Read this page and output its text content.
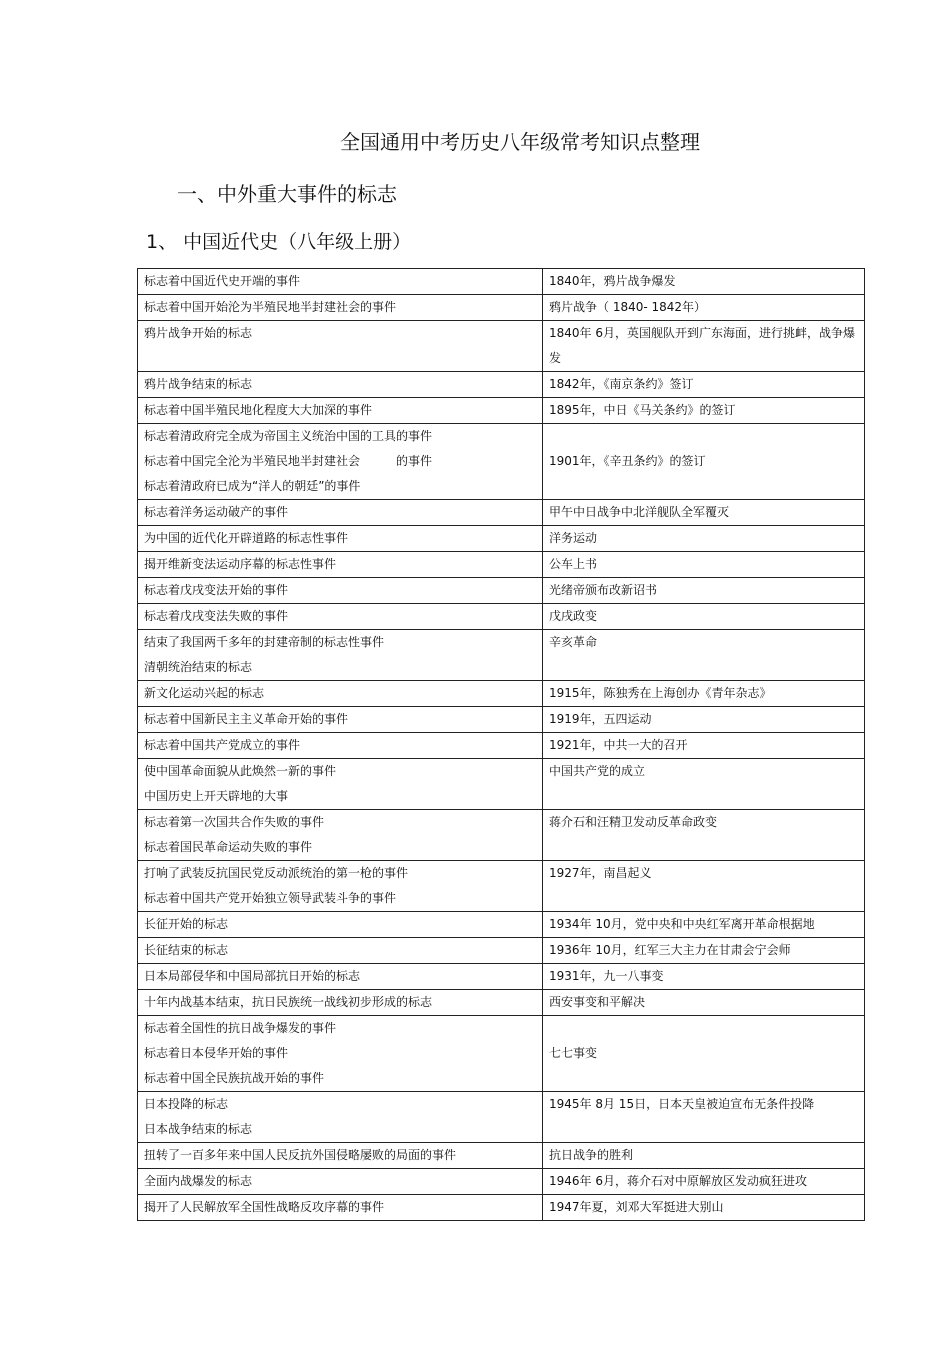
全国通用中考历史八年级常考知识点整理
一、中外重大事件的标志
1、 中国近代史（八年级上册）
标志着中国近代史开端的事件	1840年，鸦片战争爆发

标志着中国开始沦为半殖民地半封建社会的事件	鸦片战争（ 1840- 1842年）

鸦片战争开始的标志	1840年 6月，英国舰队开到广东海面，进行挑衅，战争爆发

鸦片战争结束的标志	1842年，《南京条约》签订

标志着中国半殖民地化程度大大加深的事件	1895年，中日《马关条约》的签订

标志着清政府完全成为帝国主义统治中国的工具的事件
标志着中国完全沦为半殖民地半封建社会　　　的事件
标志着清政府已成为“洋人的朝廷”的事件	1901年，《辛丑条约》的签订

标志着洋务运动破产的事件	甲午中日战争中北洋舰队全军覆灭

为中国的近代化开辟道路的标志性事件	洋务运动

揭开维新变法运动序幕的标志性事件	公车上书

标志着戊戌变法开始的事件	光绪帝颁布改新诏书

标志着戊戌变法失败的事件	戊戌政变

结束了我国两千多年的封建帝制的标志性事件
清朝统治结束的标志	辛亥革命

新文化运动兴起的标志	1915年，陈独秀在上海创办《青年杂志》

标志着中国新民主主义革命开始的事件	1919年，五四运动

标志着中国共产党成立的事件	1921年，中共一大的召开

使中国革命面貌从此焕然一新的事件
中国历史上开天辟地的大事	中国共产党的成立

标志着第一次国共合作失败的事件
标志着国民革命运动失败的事件	蒋介石和汪精卫发动反革命政变

打响了武装反抗国民党反动派统治的第一枪的事件
标志着中国共产党开始独立领导武装斗争的事件	1927年，南昌起义

长征开始的标志	1934年 10月，党中央和中央红军离开革命根据地

长征结束的标志	1936年 10月，红军三大主力在甘肃会宁会师

日本局部侵华和中国局部抗日开始的标志	1931年，九一八事变

十年内战基本结束，抗日民族统一战线初步形成的标志	西安事变和平解决

标志着全国性的抗日战争爆发的事件
标志着日本侵华开始的事件
标志着中国全民族抗战开始的事件	七七事变

日本投降的标志
日本战争结束的标志	1945年 8月 15日，日本天皇被迫宣布无条件投降

扭转了一百多年来中国人民反抗外国侵略屡败的局面的事件	抗日战争的胜利

全面内战爆发的标志	1946年 6月，蒋介石对中原解放区发动疯狂进攻

揭开了人民解放军全国性战略反攻序幕的事件	1947年夏，刘邓大军挺进大别山
